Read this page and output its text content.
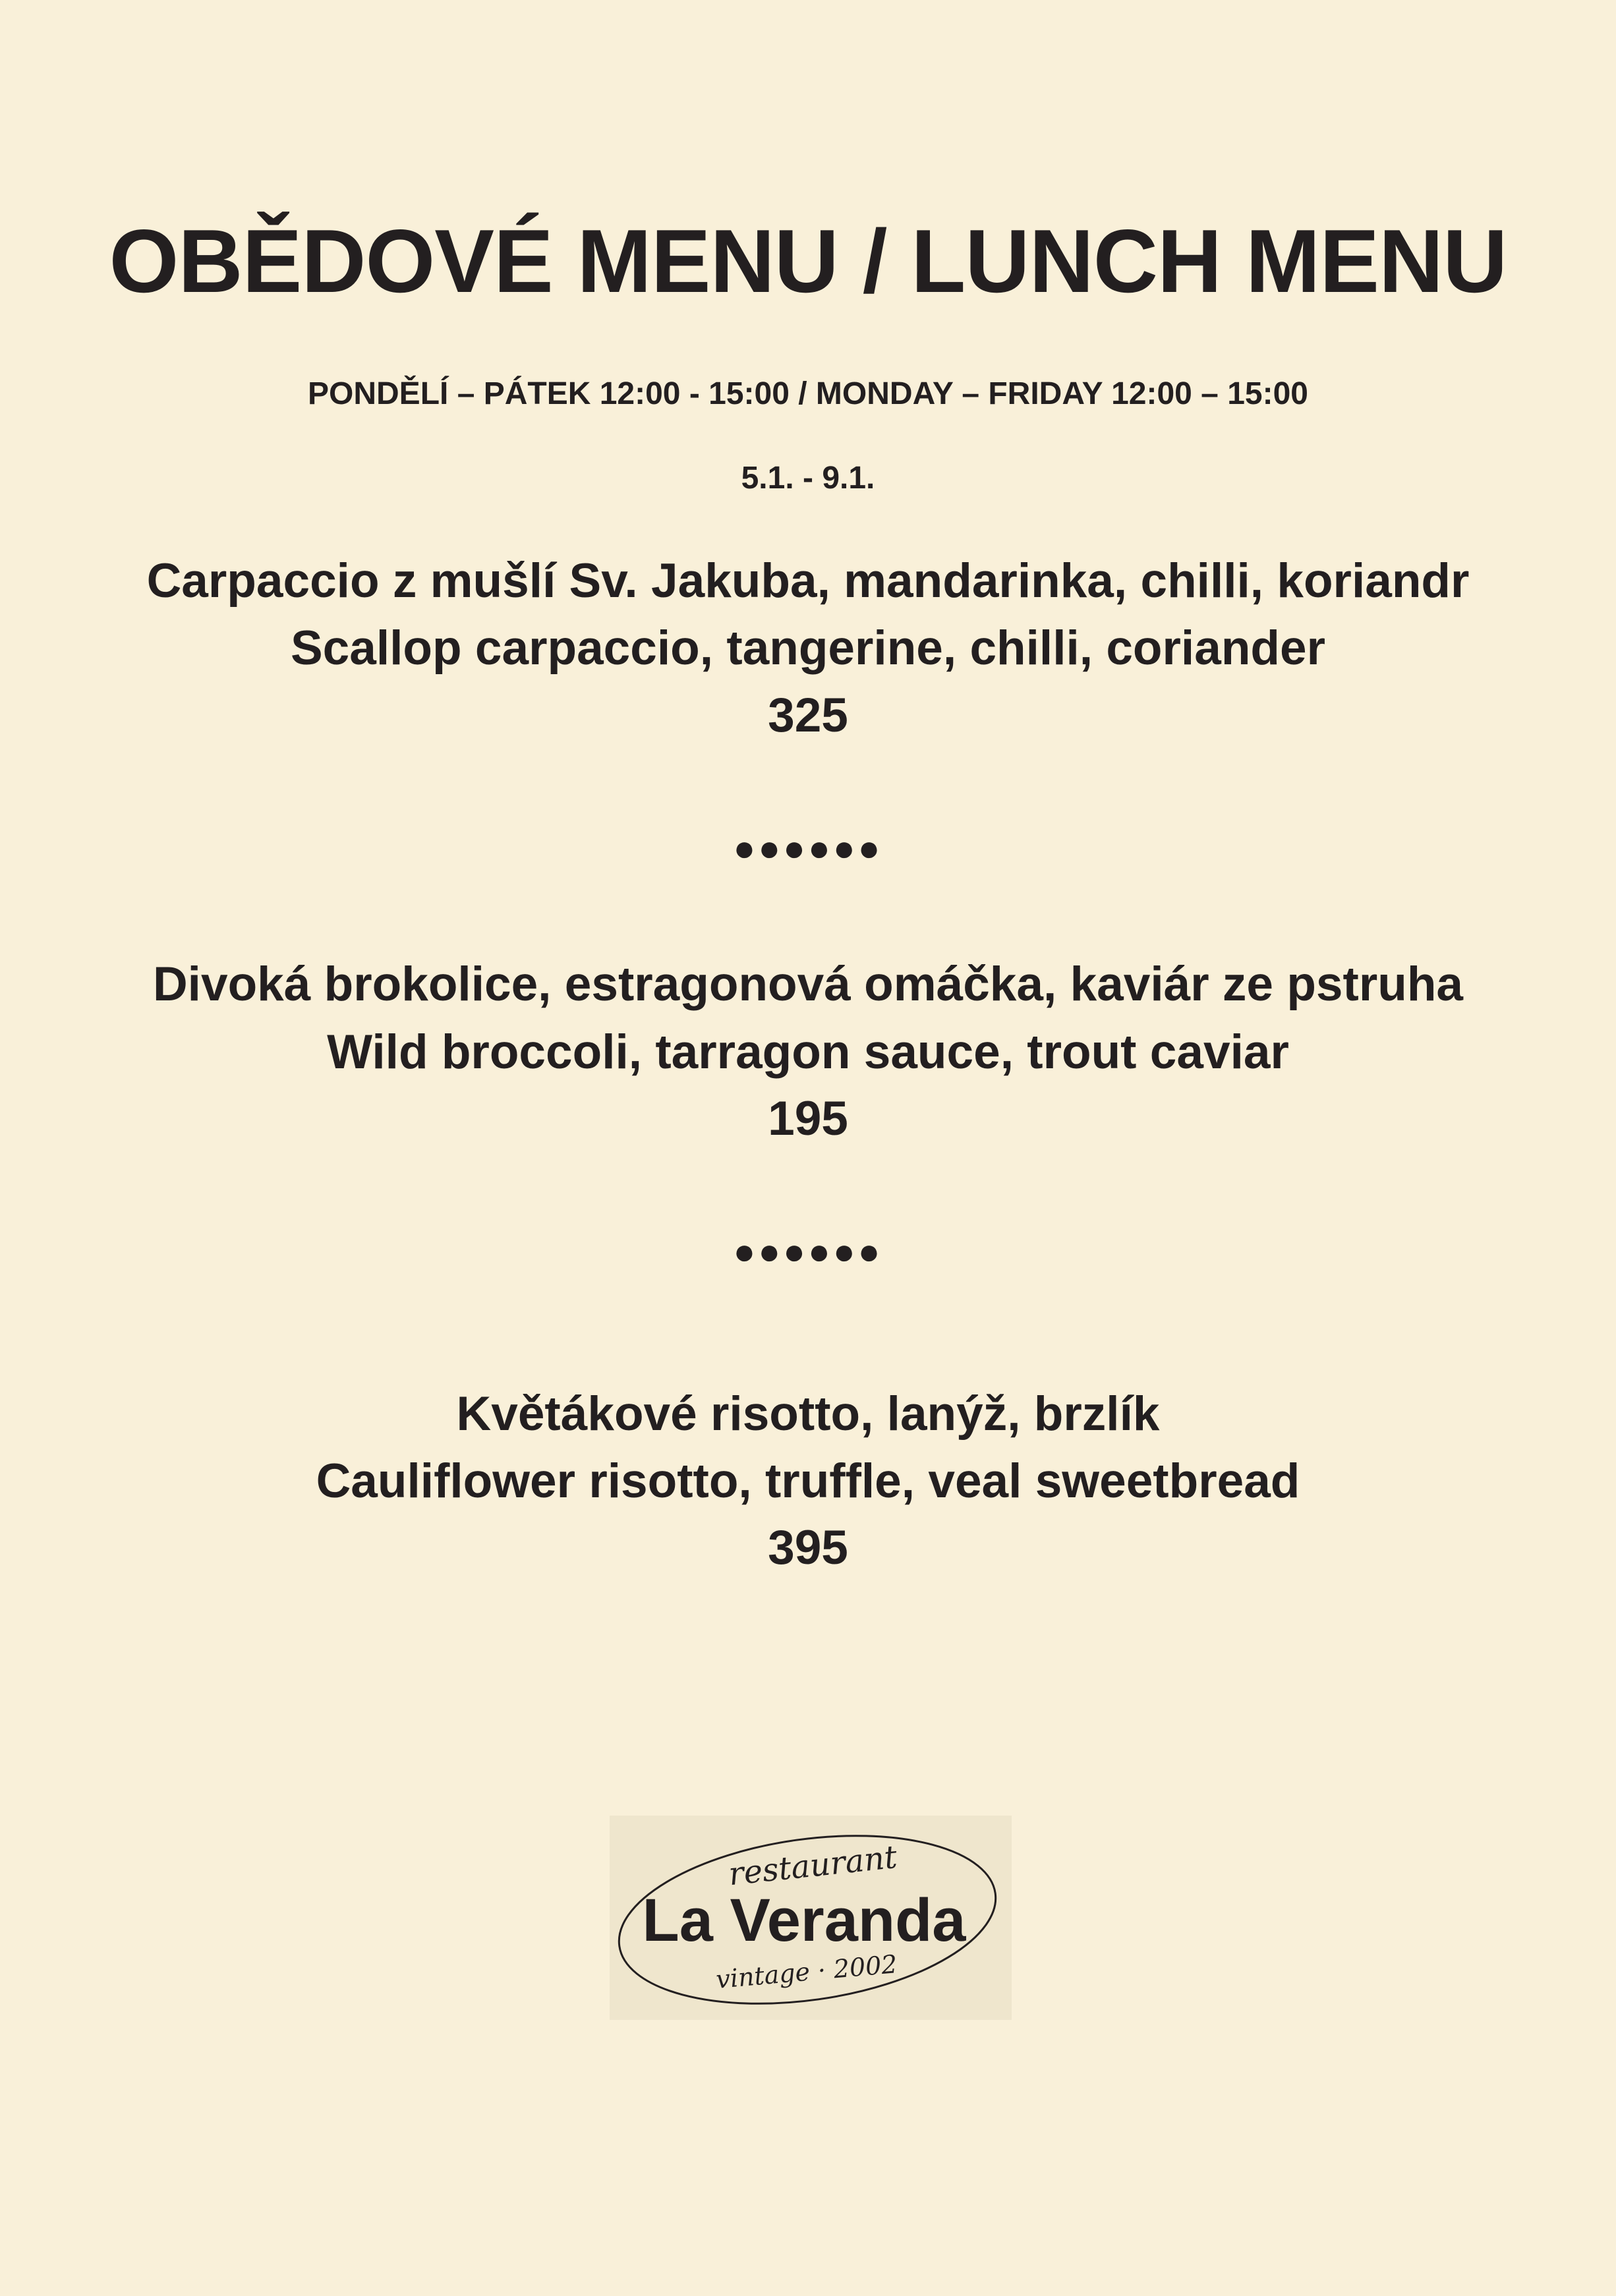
OBĚDOVÉ MENU / LUNCH MENU
PONDĚLÍ – PÁTEK 12:00 - 15:00 / MONDAY – FRIDAY 12:00 – 15:00
5.1. - 9.1.
Carpaccio z mušlí Sv. Jakuba, mandarinka, chilli, koriandr
Scallop carpaccio, tangerine, chilli, coriander
325
●●●●●●
Divoká brokolice, estragonová omáčka, kaviár ze pstruha
Wild broccoli, tarragon sauce, trout caviar
195
●●●●●●
Květákové risotto, lanýž, brzlík
Cauliflower risotto, truffle, veal sweetbread
395
restaurant
La Veranda
vintage · 2002
